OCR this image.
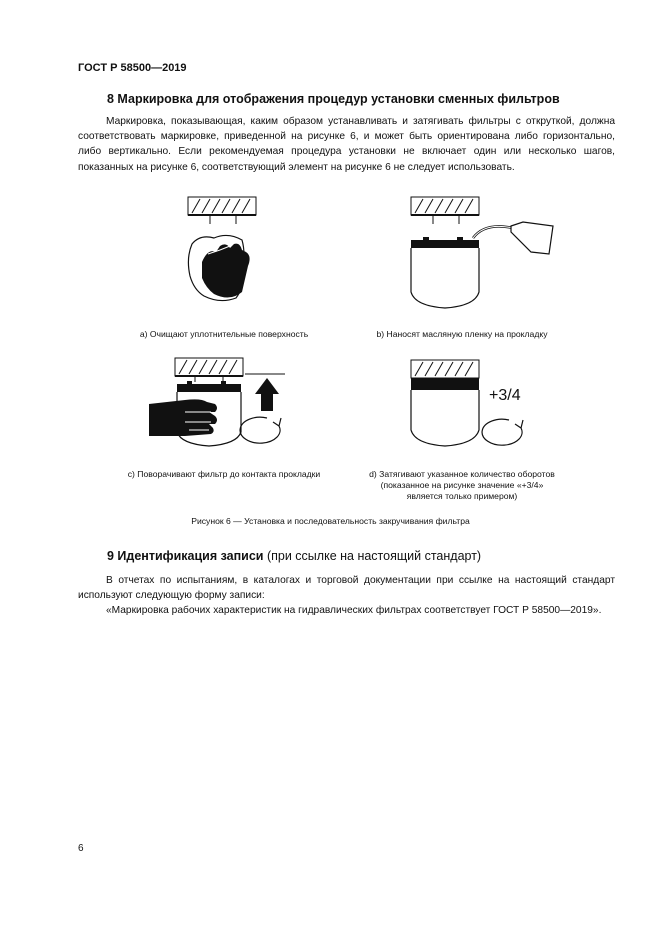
ГОСТ Р 58500—2019
8 Маркировка для отображения процедур установки сменных фильтров
Маркировка, показывающая, каким образом устанавливать и затягивать фильтры с откруткой, должна соответствовать маркировке, приведенной на рисунке 6, и может быть ориентирована либо горизонтально, либо вертикально. Если рекомендуемая процедура установки не включает один или несколько шагов, показанных на рисунке 6, соответствующий элемент на рисунке 6 не следует использовать.
a) Очищают уплотнительные поверхность	b) Наносят масляную пленку на прокладку
c) Поворачивают фильтр до контакта прокладки
+3/4
d) Затягивают указанное количество оборотов
(показанное на рисунке значение «+3/4»
является только примером)
Рисунок 6 — Установка и последовательность закручивания фильтра
9 Идентификация записи (при ссылке на настоящий стандарт)
В отчетах по испытаниям, в каталогах и торговой документации при ссылке на настоящий стандарт используют следующую форму записи:
«Маркировка рабочих характеристик на гидравлических фильтрах соответствует ГОСТ Р 58500—2019».
6
